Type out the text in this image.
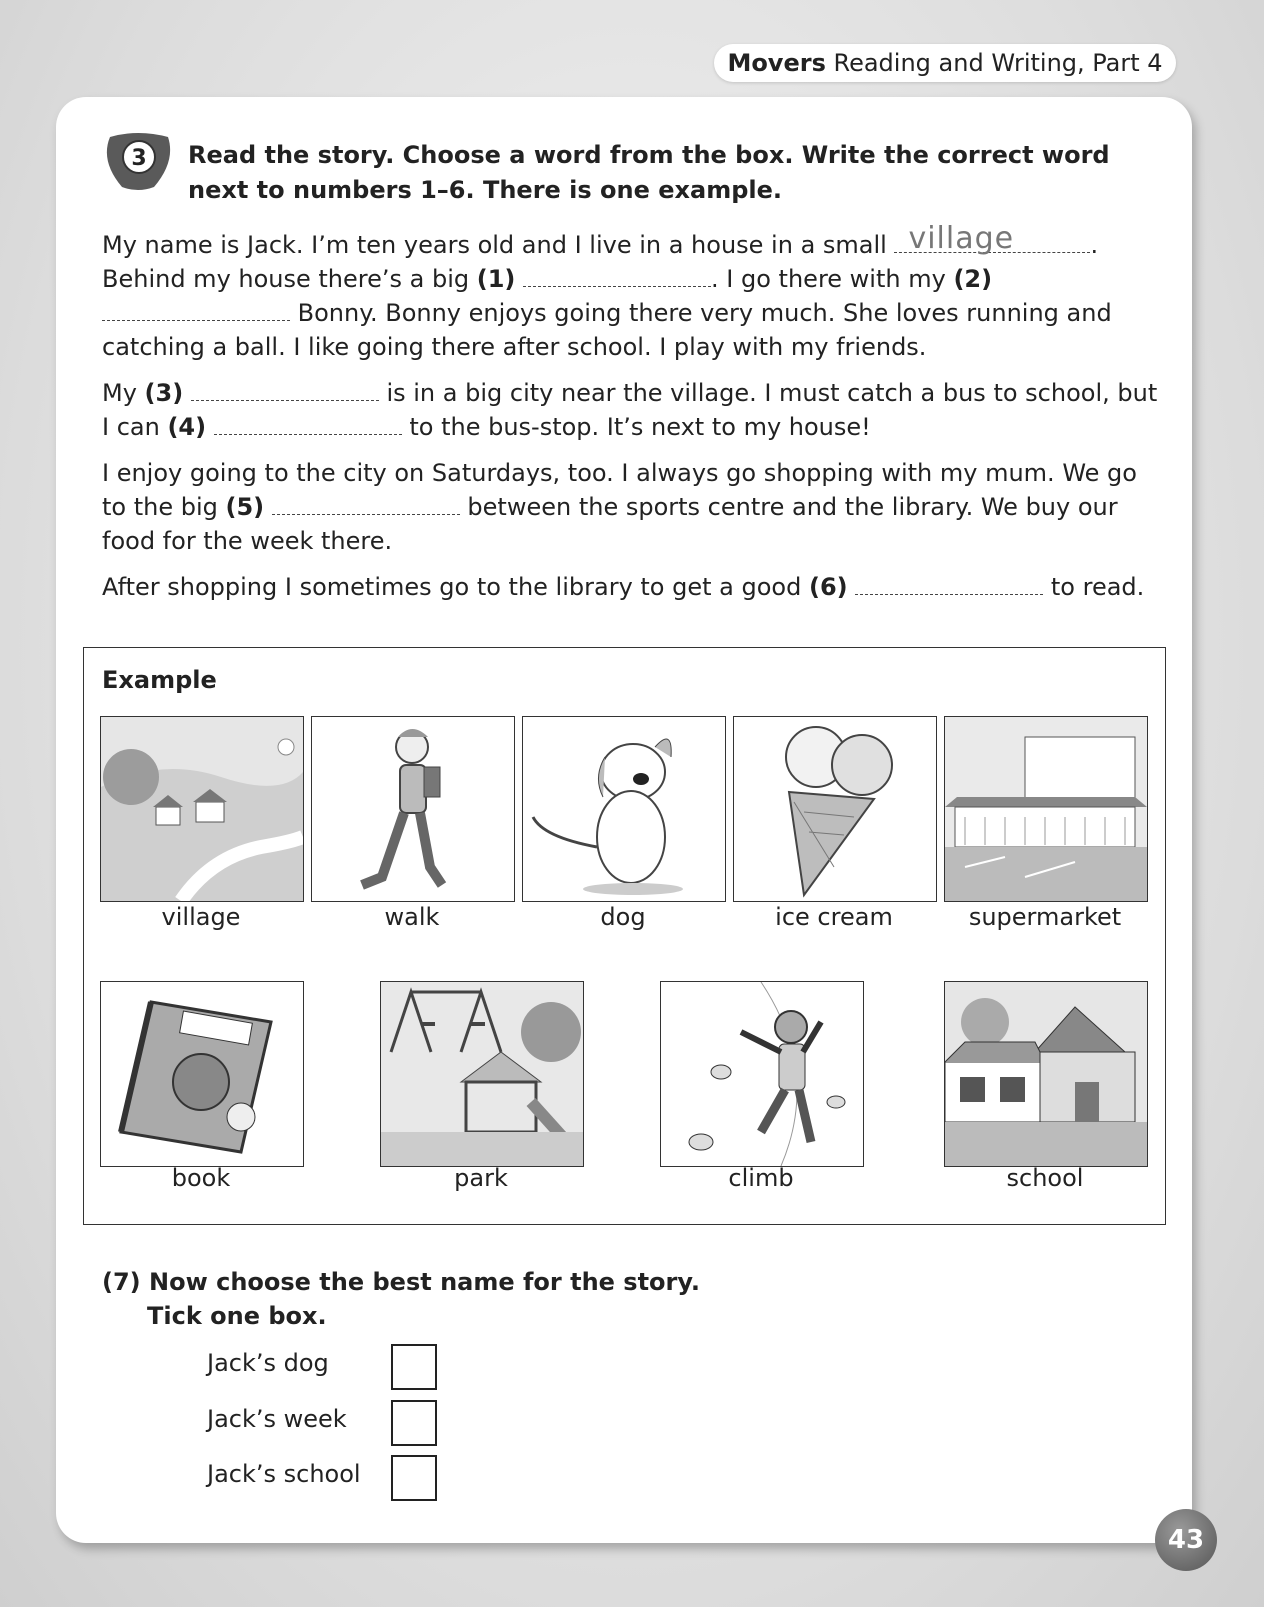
Movers Reading and Writing, Part 4
3 Read the story. Choose a word from the box. Write the correct word next to numbers 1–6. There is one example.

My name is Jack. I’m ten years old and I live in a house in a small village	. Behind my house there’s a big (1)	. I go there with my (2)  Bonny. Bonny enjoys going there very much. She loves running and catching a ball. I like going there after school. I play with my friends.

My (3)	is in a big city near the village. I must catch a bus to school, but I can (4)	to the bus-stop. It’s next to my house!

I enjoy going to the city on Saturdays, too. I always go shopping with my mum. We go to the big (5)	between the sports centre and the library. We buy our food for the week there.

After shopping I sometimes go to the library to get a good (6)	to read.

Example
village	walk	dog	ice cream	supermarket
book	park	climb	school
(7) Now choose the best name for the story.
Tick one box.
Jack’s dog
Jack’s week
Jack’s school
43
